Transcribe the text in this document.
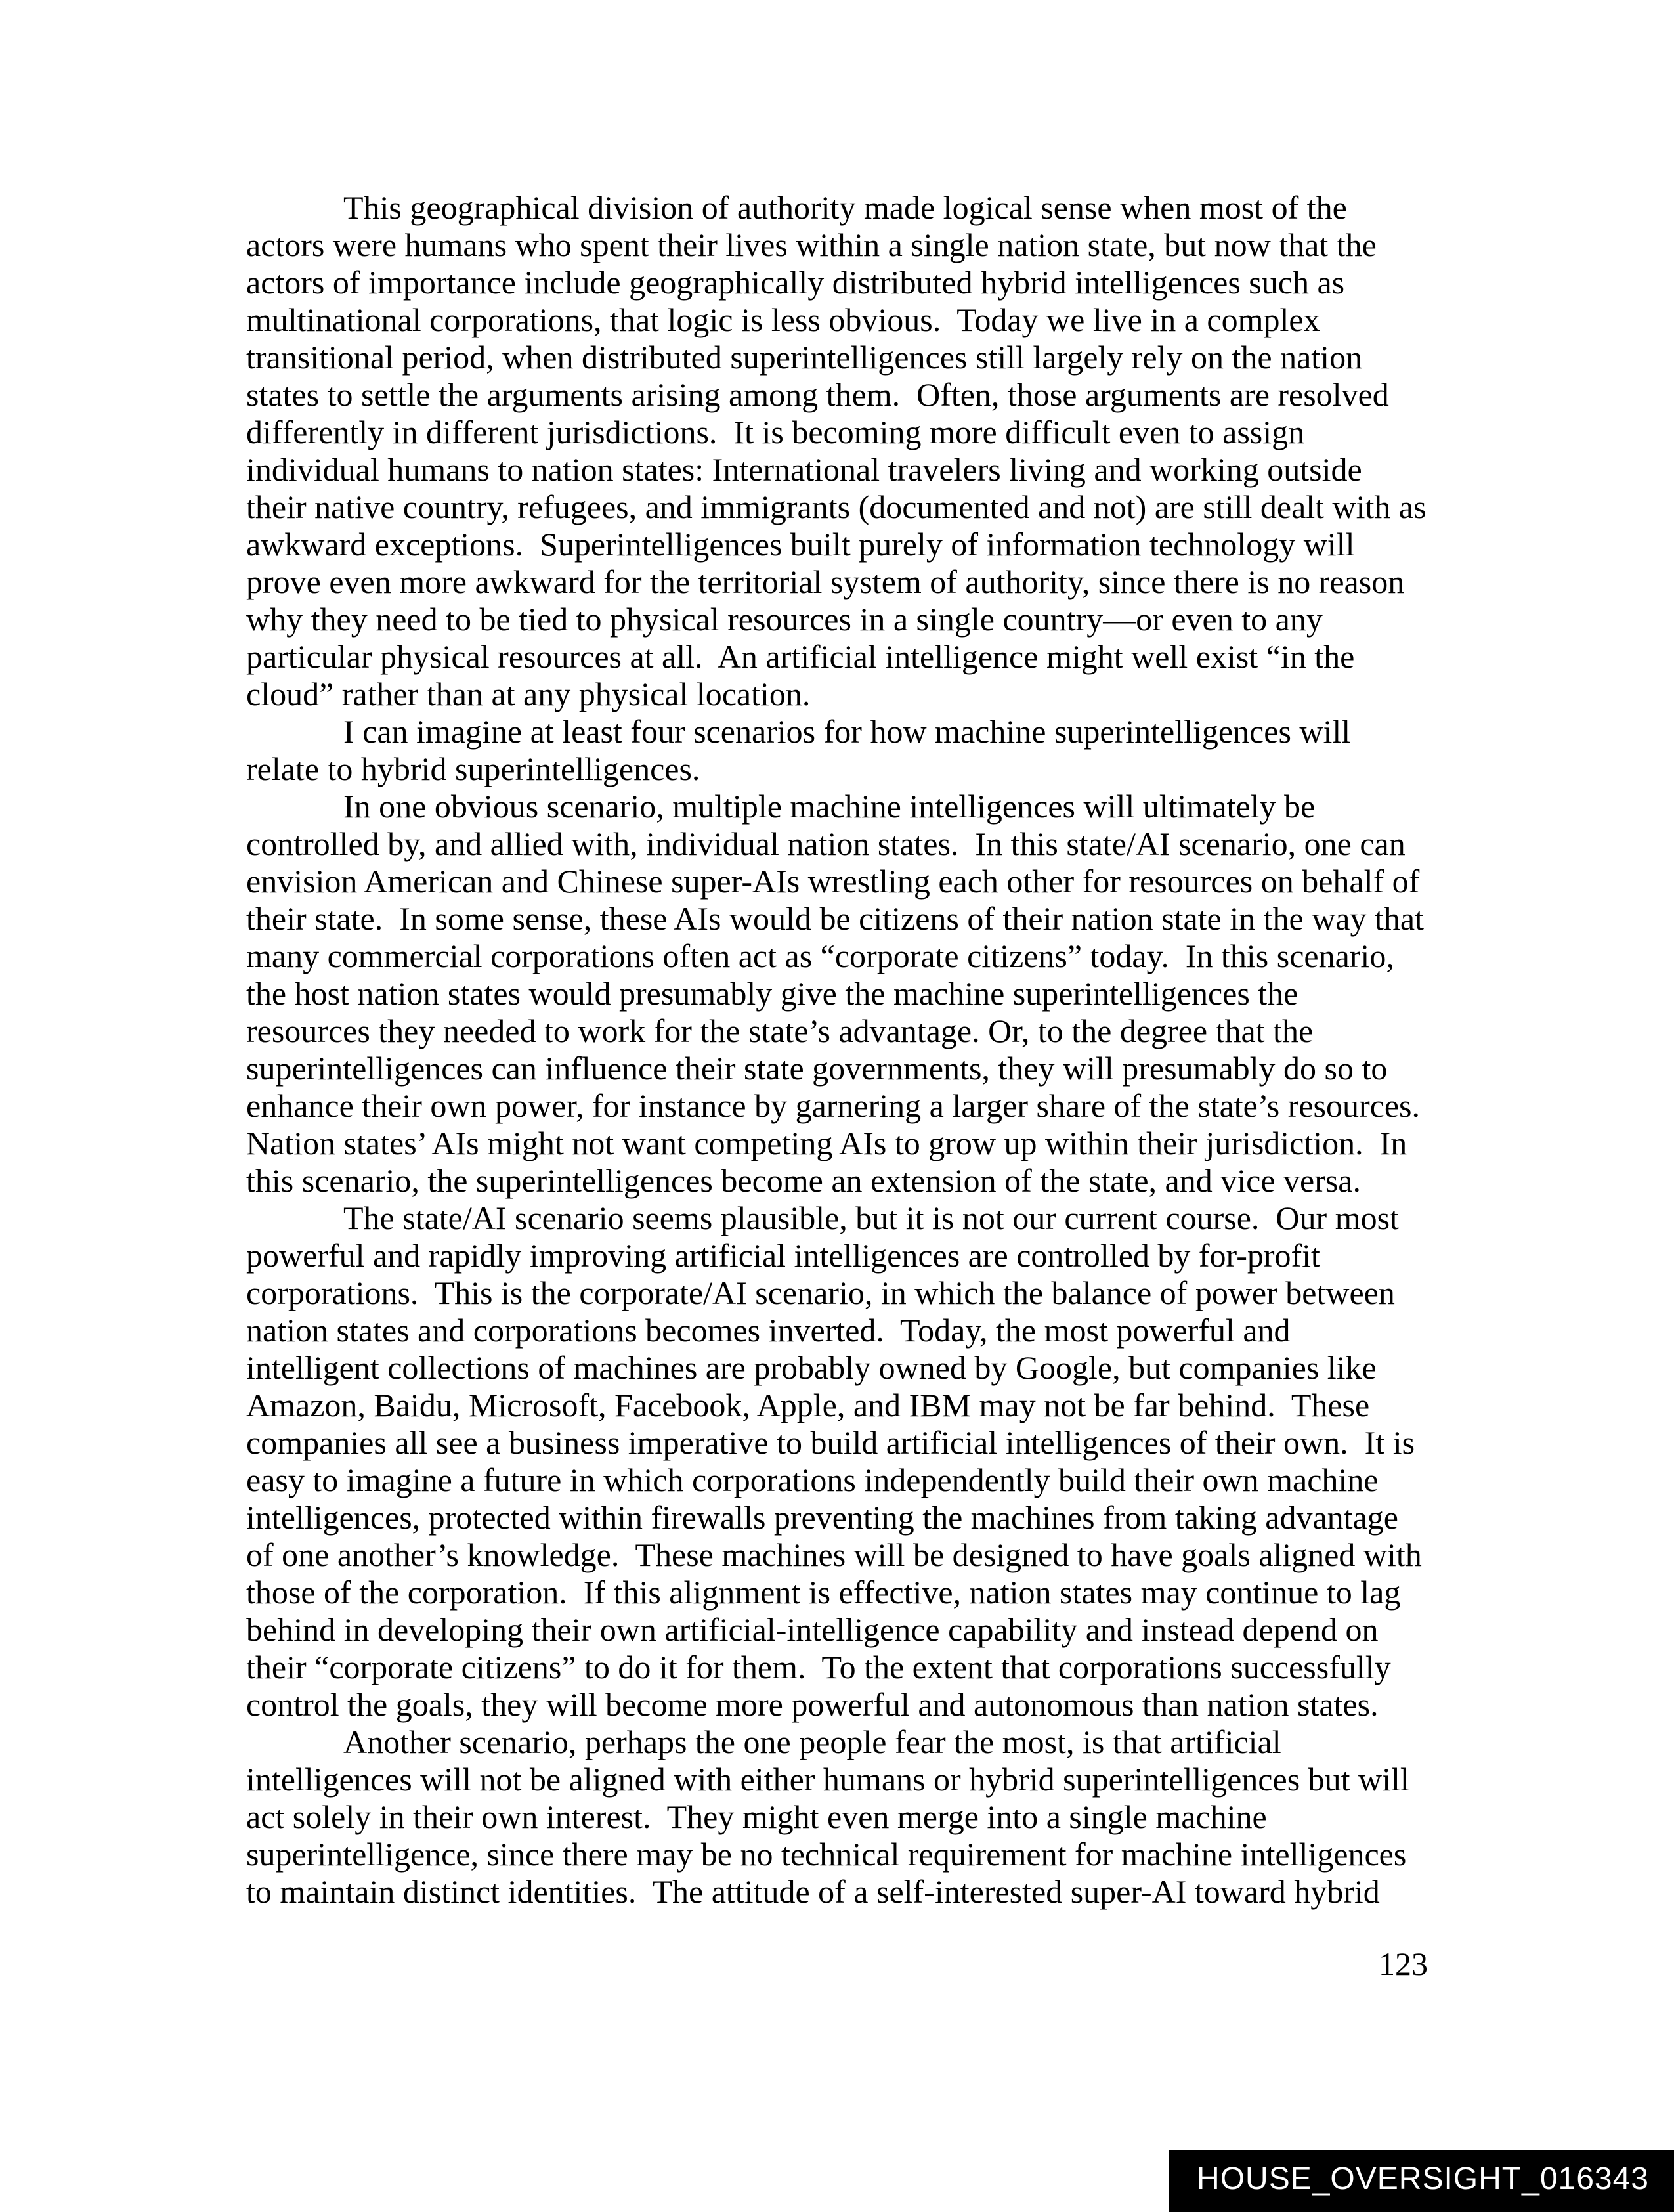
This geographical division of authority made logical sense when most of the actors were humans who spent their lives within a single nation state, but now that the actors of importance include geographically distributed hybrid intelligences such as multinational corporations, that logic is less obvious.  Today we live in a complex transitional period, when distributed superintelligences still largely rely on the nation states to settle the arguments arising among them.  Often, those arguments are resolved differently in different jurisdictions.  It is becoming more difficult even to assign individual humans to nation states: International travelers living and working outside their native country, refugees, and immigrants (documented and not) are still dealt with as awkward exceptions.  Superintelligences built purely of information technology will prove even more awkward for the territorial system of authority, since there is no reason why they need to be tied to physical resources in a single country—or even to any particular physical resources at all.  An artificial intelligence might well exist “in the cloud” rather than at any physical location.

I can imagine at least four scenarios for how machine superintelligences will relate to hybrid superintelligences.

In one obvious scenario, multiple machine intelligences will ultimately be controlled by, and allied with, individual nation states.  In this state/AI scenario, one can envision American and Chinese super-AIs wrestling each other for resources on behalf of their state.  In some sense, these AIs would be citizens of their nation state in the way that many commercial corporations often act as “corporate citizens” today.  In this scenario, the host nation states would presumably give the machine superintelligences the resources they needed to work for the state’s advantage. Or, to the degree that the superintelligences can influence their state governments, they will presumably do so to enhance their own power, for instance by garnering a larger share of the state’s resources. Nation states’ AIs might not want competing AIs to grow up within their jurisdiction.  In this scenario, the superintelligences become an extension of the state, and vice versa.

The state/AI scenario seems plausible, but it is not our current course.  Our most powerful and rapidly improving artificial intelligences are controlled by for-profit corporations.  This is the corporate/AI scenario, in which the balance of power between nation states and corporations becomes inverted.  Today, the most powerful and intelligent collections of machines are probably owned by Google, but companies like Amazon, Baidu, Microsoft, Facebook, Apple, and IBM may not be far behind.  These companies all see a business imperative to build artificial intelligences of their own.  It is easy to imagine a future in which corporations independently build their own machine intelligences, protected within firewalls preventing the machines from taking advantage of one another’s knowledge.  These machines will be designed to have goals aligned with those of the corporation.  If this alignment is effective, nation states may continue to lag behind in developing their own artificial-intelligence capability and instead depend on their “corporate citizens” to do it for them.  To the extent that corporations successfully control the goals, they will become more powerful and autonomous than nation states.

Another scenario, perhaps the one people fear the most, is that artificial intelligences will not be aligned with either humans or hybrid superintelligences but will act solely in their own interest.  They might even merge into a single machine superintelligence, since there may be no technical requirement for machine intelligences to maintain distinct identities.  The attitude of a self-interested super-AI toward hybrid

123
HOUSE_OVERSIGHT_016343
